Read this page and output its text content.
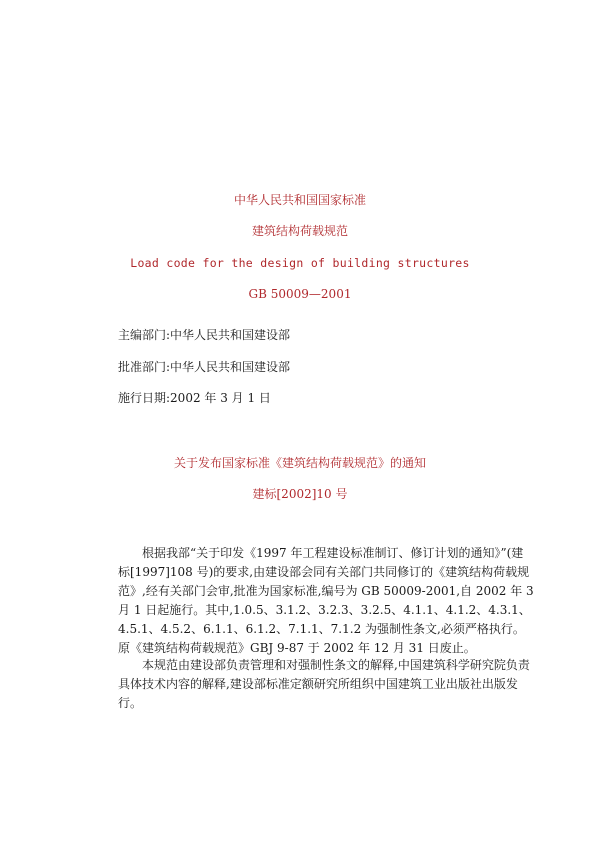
中华人民共和国国家标准
建筑结构荷载规范
Load code for the design of building structures
GB 50009—2001
主编部门:中华人民共和国建设部
批准部门:中华人民共和国建设部
施行日期:2002 年 3 月 1 日
关于发布国家标准《建筑结构荷载规范》的通知
建标[2002]10 号
根据我部“关于印发《1997 年工程建设标准制订、修订计划的通知》”(建
标[1997]108 号)的要求,由建设部会同有关部门共同修订的《建筑结构荷载规
范》,经有关部门会审,批准为国家标准,编号为 GB 50009-2001,自 2002 年 3
月 1 日起施行。其中,1.0.5、3.1.2、3.2.3、3.2.5、4.1.1、4.1.2、4.3.1、
4.5.1、4.5.2、6.1.1、6.1.2、7.1.1、7.1.2 为强制性条文,必须严格执行。
原《建筑结构荷载规范》GBJ 9-87 于 2002 年 12 月 31 日废止。
本规范由建设部负责管理和对强制性条文的解释,中国建筑科学研究院负责
具体技术内容的解释,建设部标准定额研究所组织中国建筑工业出版社出版发
行。
